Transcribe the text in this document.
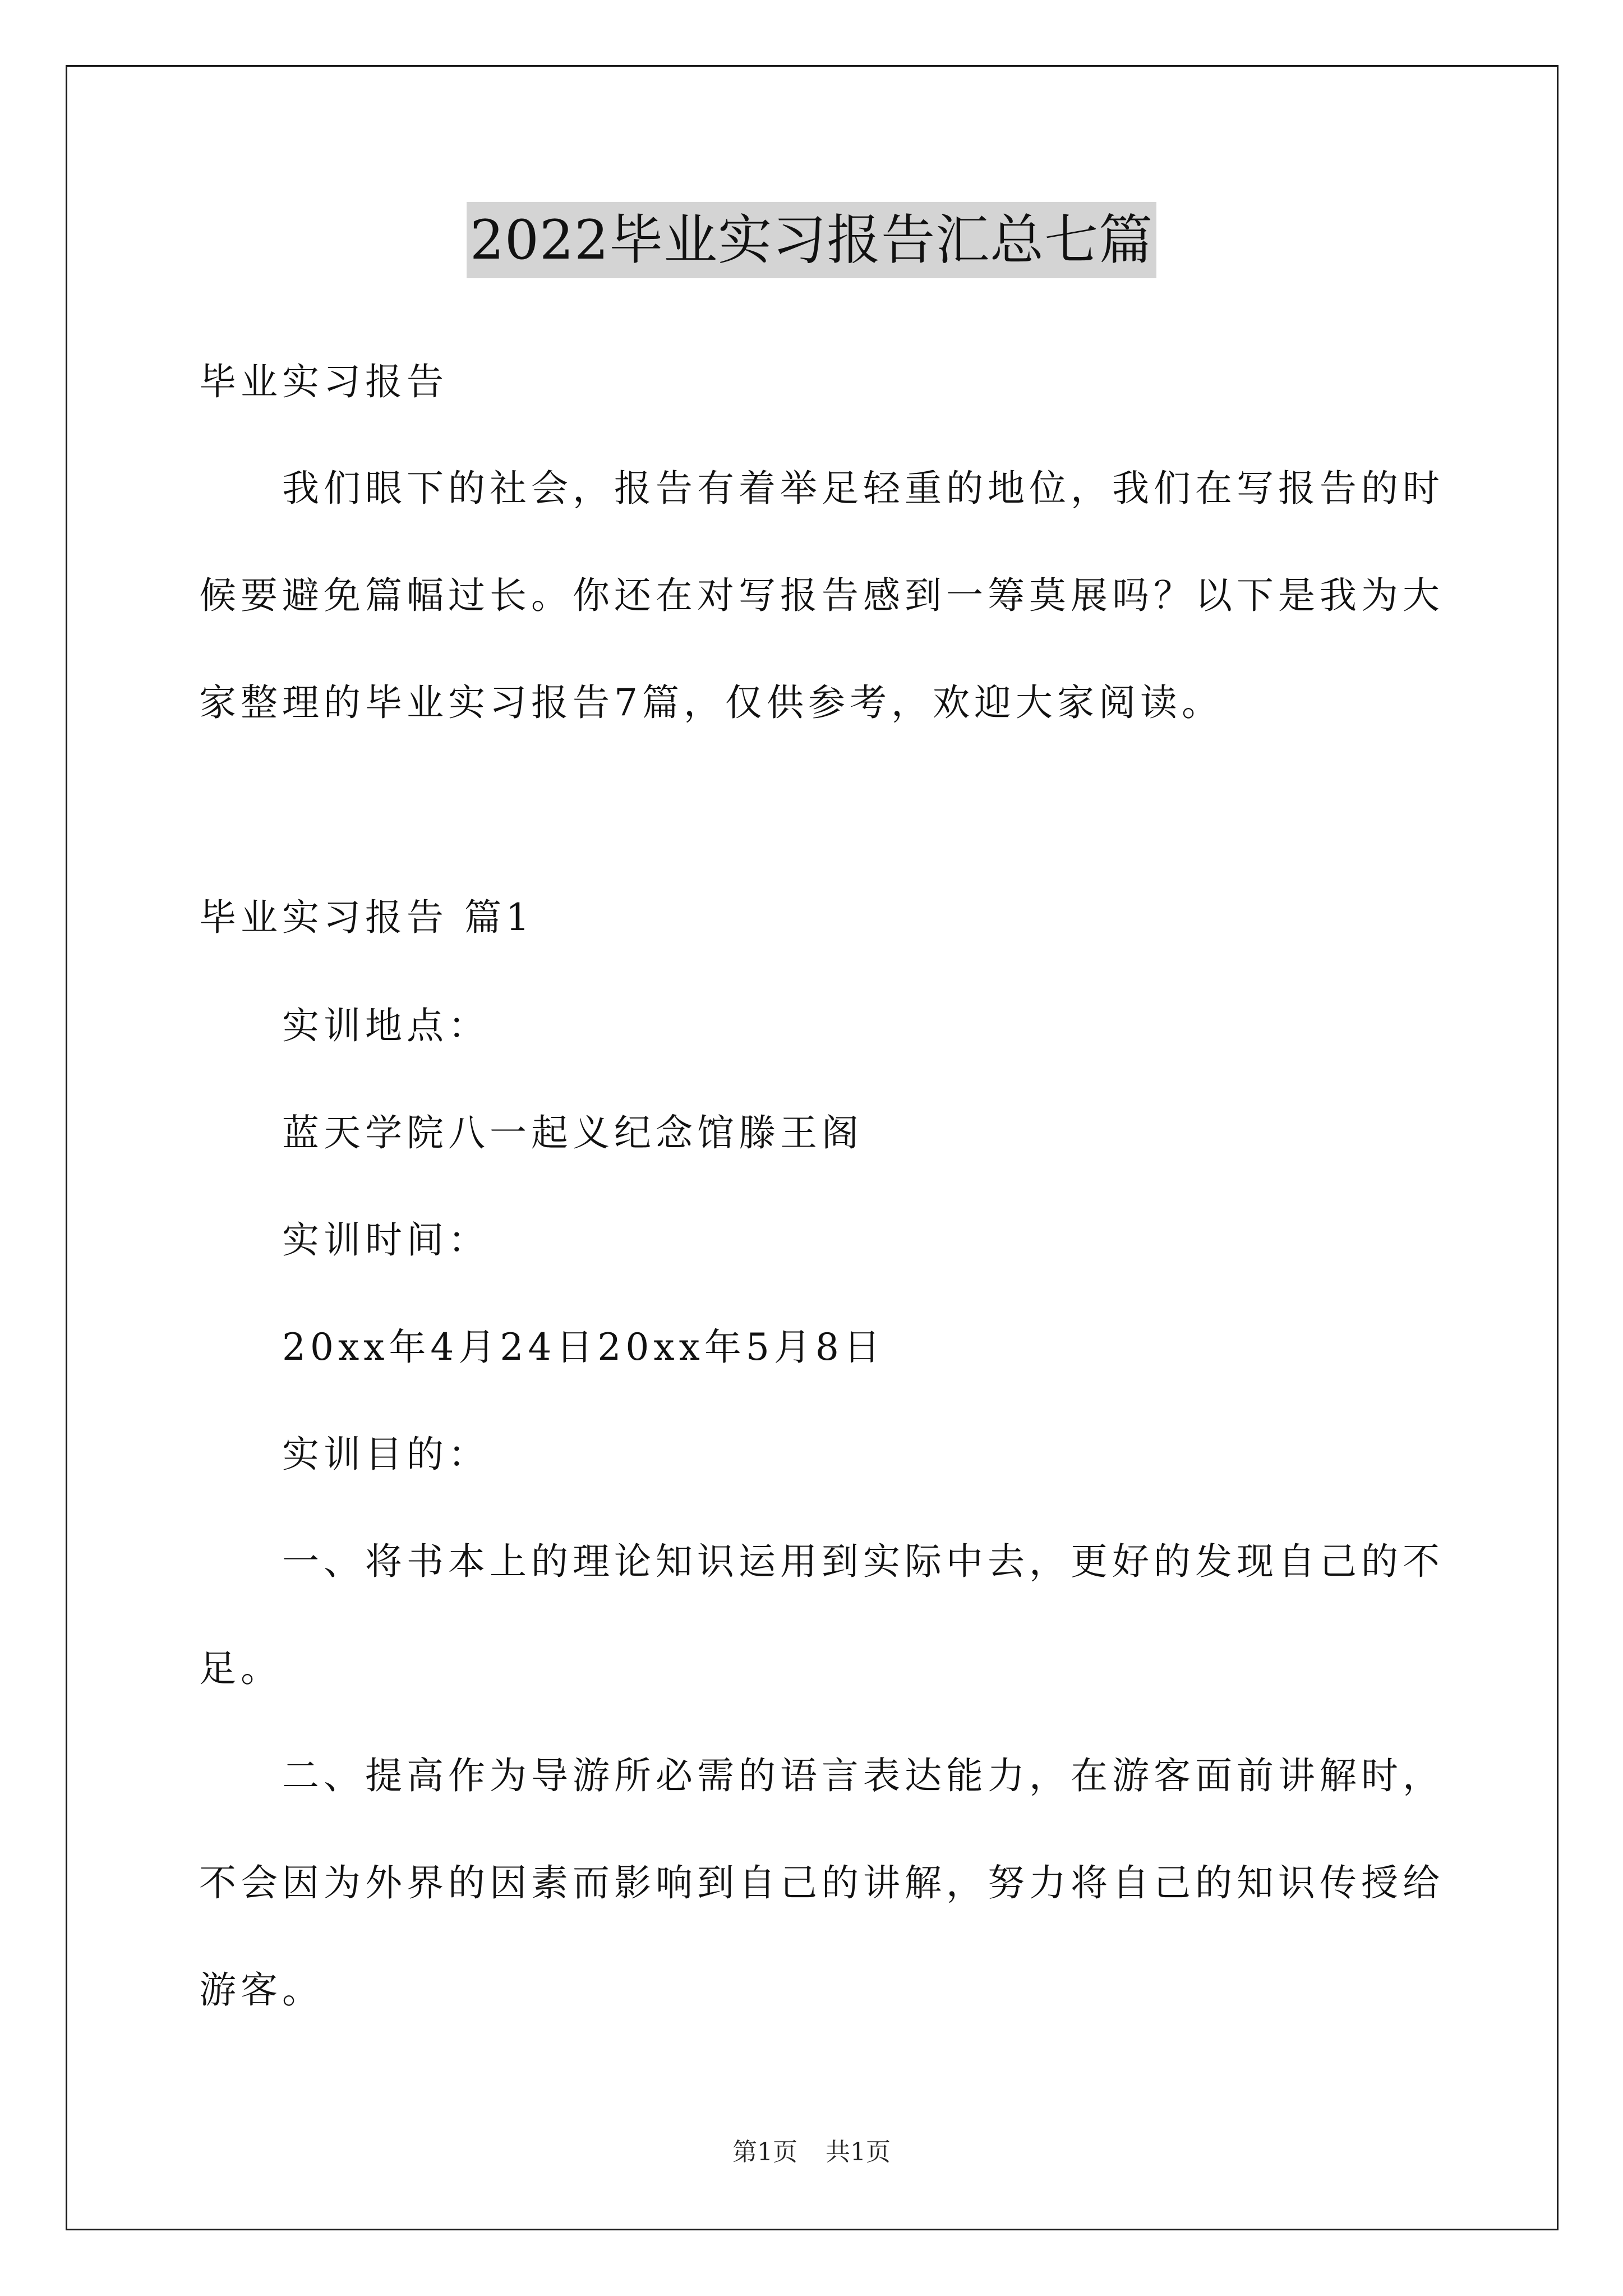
2022毕业实习报告汇总七篇
毕业实习报告
我们眼下的社会，报告有着举足轻重的地位，我们在写报告的时
候要避免篇幅过长。你还在对写报告感到一筹莫展吗？以下是我为大
家整理的毕业实习报告7篇，仅供参考，欢迎大家阅读。
毕业实习报告 篇1
实训地点：
蓝天学院八一起义纪念馆滕王阁
实训时间：
20xx年4月24日20xx年5月8日
实训目的：
一、将书本上的理论知识运用到实际中去，更好的发现自己的不
足。
二、提高作为导游所必需的语言表达能力，在游客面前讲解时，
不会因为外界的因素而影响到自己的讲解，努力将自己的知识传授给
游客。
第1页 共1页
